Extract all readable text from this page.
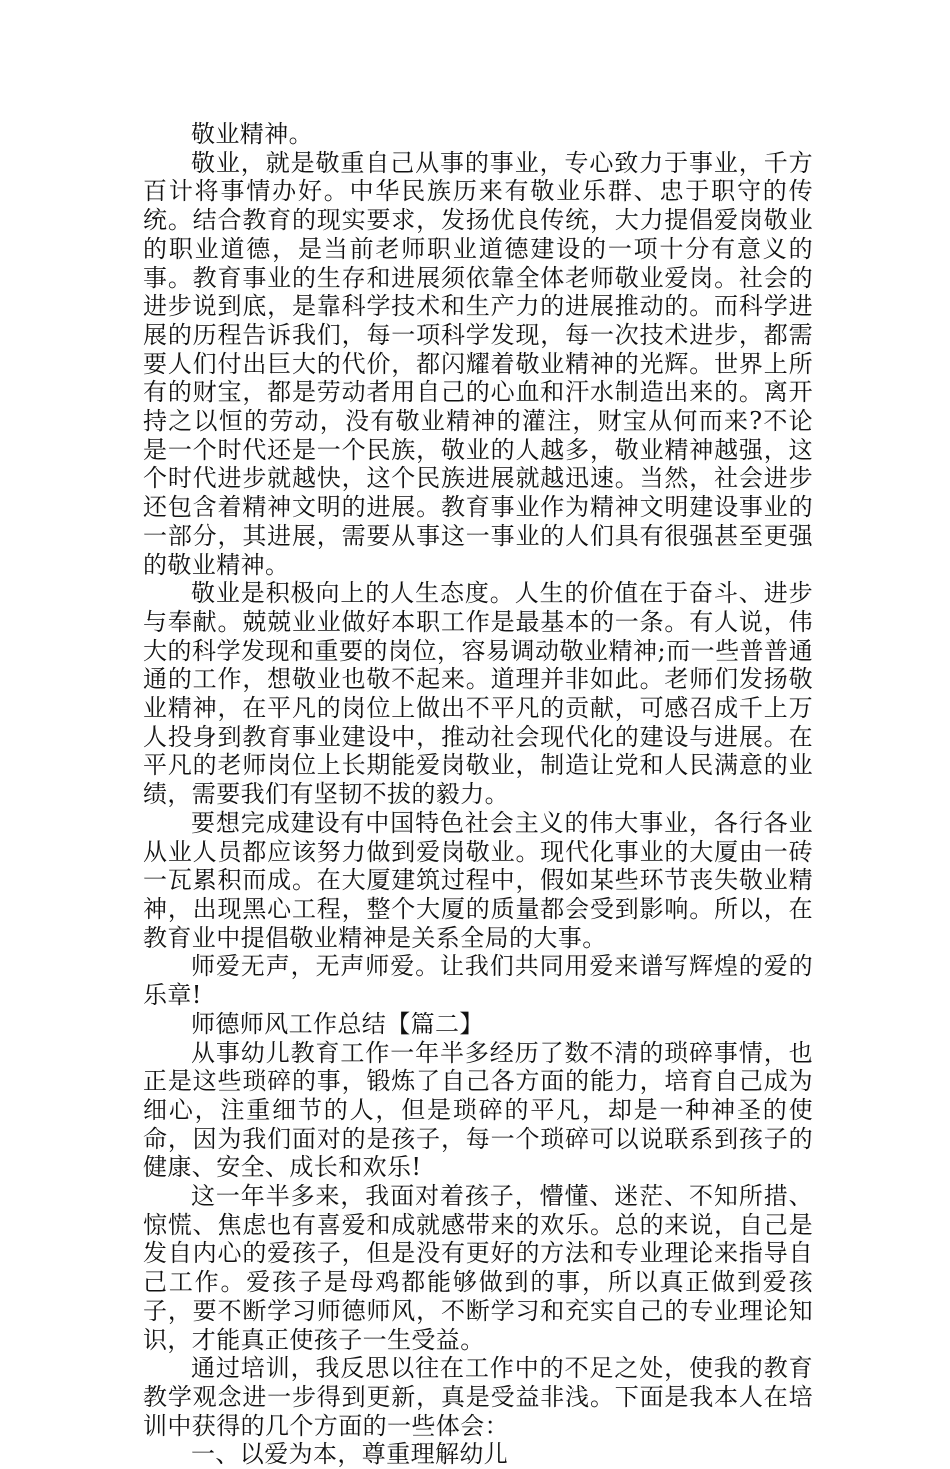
敬业精神。

敬业，就是敬重自己从事的事业，专心致力于事业，千方百计将事情办好。中华民族历来有敬业乐群、忠于职守的传统。结合教育的现实要求，发扬优良传统，大力提倡爱岗敬业的职业道德，是当前老师职业道德建设的一项十分有意义的事。教育事业的生存和进展须依靠全体老师敬业爱岗。社会的进步说到底，是靠科学技术和生产力的进展推动的。而科学进展的历程告诉我们，每一项科学发现，每一次技术进步，都需要人们付出巨大的代价，都闪耀着敬业精神的光辉。世界上所有的财宝，都是劳动者用自己的心血和汗水制造出来的。离开持之以恒的劳动，没有敬业精神的灌注，财宝从何而来?不论是一个时代还是一个民族，敬业的人越多，敬业精神越强，这个时代进步就越快，这个民族进展就越迅速。当然，社会进步还包含着精神文明的进展。教育事业作为精神文明建设事业的一部分，其进展，需要从事这一事业的人们具有很强甚至更强的敬业精神。

敬业是积极向上的人生态度。人生的价值在于奋斗、进步与奉献。兢兢业业做好本职工作是最基本的一条。有人说，伟大的科学发现和重要的岗位，容易调动敬业精神;而一些普普通通的工作，想敬业也敬不起来。道理并非如此。老师们发扬敬业精神，在平凡的岗位上做出不平凡的贡献，可感召成千上万人投身到教育事业建设中，推动社会现代化的建设与进展。在平凡的老师岗位上长期能爱岗敬业，制造让党和人民满意的业绩，需要我们有坚韧不拔的毅力。

要想完成建设有中国特色社会主义的伟大事业，各行各业从业人员都应该努力做到爱岗敬业。现代化事业的大厦由一砖一瓦累积而成。在大厦建筑过程中，假如某些环节丧失敬业精神，出现黑心工程，整个大厦的质量都会受到影响。所以，在教育业中提倡敬业精神是关系全局的大事。

师爱无声，无声师爱。让我们共同用爱来谱写辉煌的爱的乐章!

师德师风工作总结【篇二】

从事幼儿教育工作一年半多经历了数不清的琐碎事情，也正是这些琐碎的事，锻炼了自己各方面的能力，培育自己成为细心，注重细节的人，但是琐碎的平凡，却是一种神圣的使命，因为我们面对的是孩子，每一个琐碎可以说联系到孩子的健康、安全、成长和欢乐!

这一年半多来，我面对着孩子，懵懂、迷茫、不知所措、惊慌、焦虑也有喜爱和成就感带来的欢乐。总的来说，自己是发自内心的爱孩子，但是没有更好的方法和专业理论来指导自己工作。爱孩子是母鸡都能够做到的事，所以真正做到爱孩子，要不断学习师德师风，不断学习和充实自己的专业理论知识，才能真正使孩子一生受益。

通过培训，我反思以往在工作中的不足之处，使我的教育教学观念进一步得到更新，真是受益非浅。下面是我本人在培训中获得的几个方面的一些体会：

一、以爱为本，尊重理解幼儿
